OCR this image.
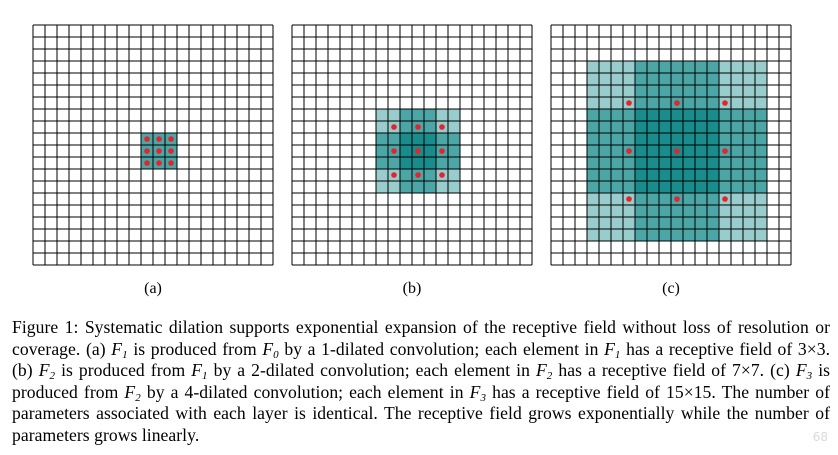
(a)	(b)	(c)
Figure 1: Systematic dilation supports exponential expansion of the receptive field without loss of resolution or coverage. (a) $F_1$ is produced from $F_0$ by a 1-dilated convolution; each element in $F_1$ has a receptive field of 3×3. (b) $F_2$ is produced from $F_1$ by a 2-dilated convolution; each element in $F_2$ has a receptive field of 7×7. (c) $F_3$ is produced from $F_2$ by a 4-dilated convolution; each element in $F_3$ has a receptive field of 15×15. The number of parameters associated with each layer is identical. The receptive field grows exponentially while the number of parameters grows linearly.	68
